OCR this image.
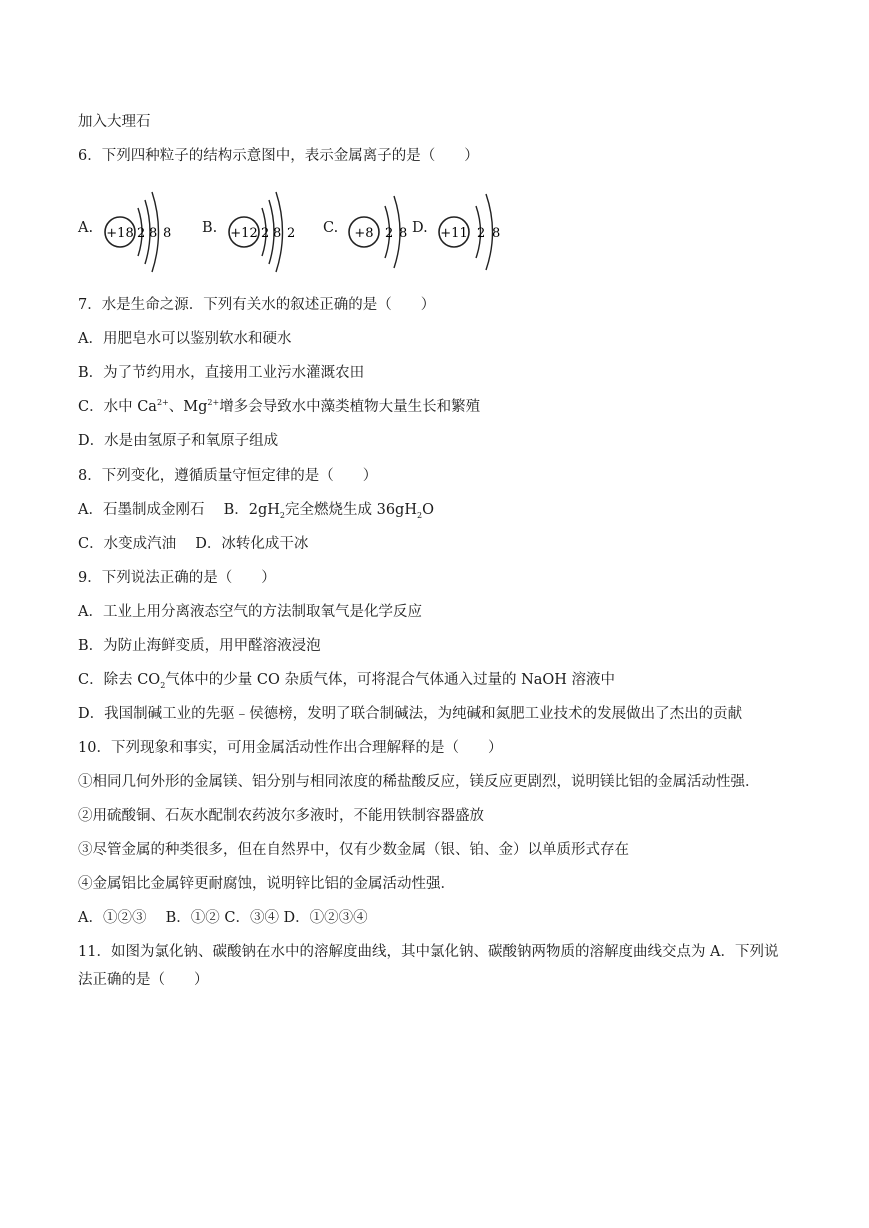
加入大理石
6．下列四种粒子的结构示意图中，表示金属离子的是（　　）
A. +18 2 8 8 B. +12 2 8 2 C. +8 2 8 D. +11 2 8
7．水是生命之源．下列有关水的叙述正确的是（　　）
A．用肥皂水可以鉴别软水和硬水
B．为了节约用水，直接用工业污水灌溉农田
C．水中 $Ca^{2+}$、$Mg^{2+}$增多会导致水中藻类植物大量生长和繁殖
D．水是由氢原子和氧原子组成
8．下列变化，遵循质量守恒定律的是（　　）
A．石墨制成金刚石　 B．$2gH_2$完全燃烧生成 $36gH_2O$
C．水变成汽油　 D．冰转化成干冰
9．下列说法正确的是（　　）
A．工业上用分离液态空气的方法制取氧气是化学反应
B．为防止海鲜变质，用甲醛溶液浸泡
C．除去 $CO_2$气体中的少量 CO 杂质气体，可将混合气体通入过量的 NaOH 溶液中
D．我国制碱工业的先驱﹣侯德榜，发明了联合制碱法，为纯碱和氮肥工业技术的发展做出了杰出的贡献
10．下列现象和事实，可用金属活动性作出合理解释的是（　　）
①相同几何外形的金属镁、铝分别与相同浓度的稀盐酸反应，镁反应更剧烈，说明镁比铝的金属活动性强．
②用硫酸铜、石灰水配制农药波尔多液时，不能用铁制容器盛放
③尽管金属的种类很多，但在自然界中，仅有少数金属（银、铂、金）以单质形式存在
④金属铝比金属锌更耐腐蚀，说明锌比铝的金属活动性强．
A．①②③　 B．①② C．③④ D．①②③④
11．如图为氯化钠、碳酸钠在水中的溶解度曲线，其中氯化钠、碳酸钠两物质的溶解度曲线交点为 A．下列说法正确的是（　　）
